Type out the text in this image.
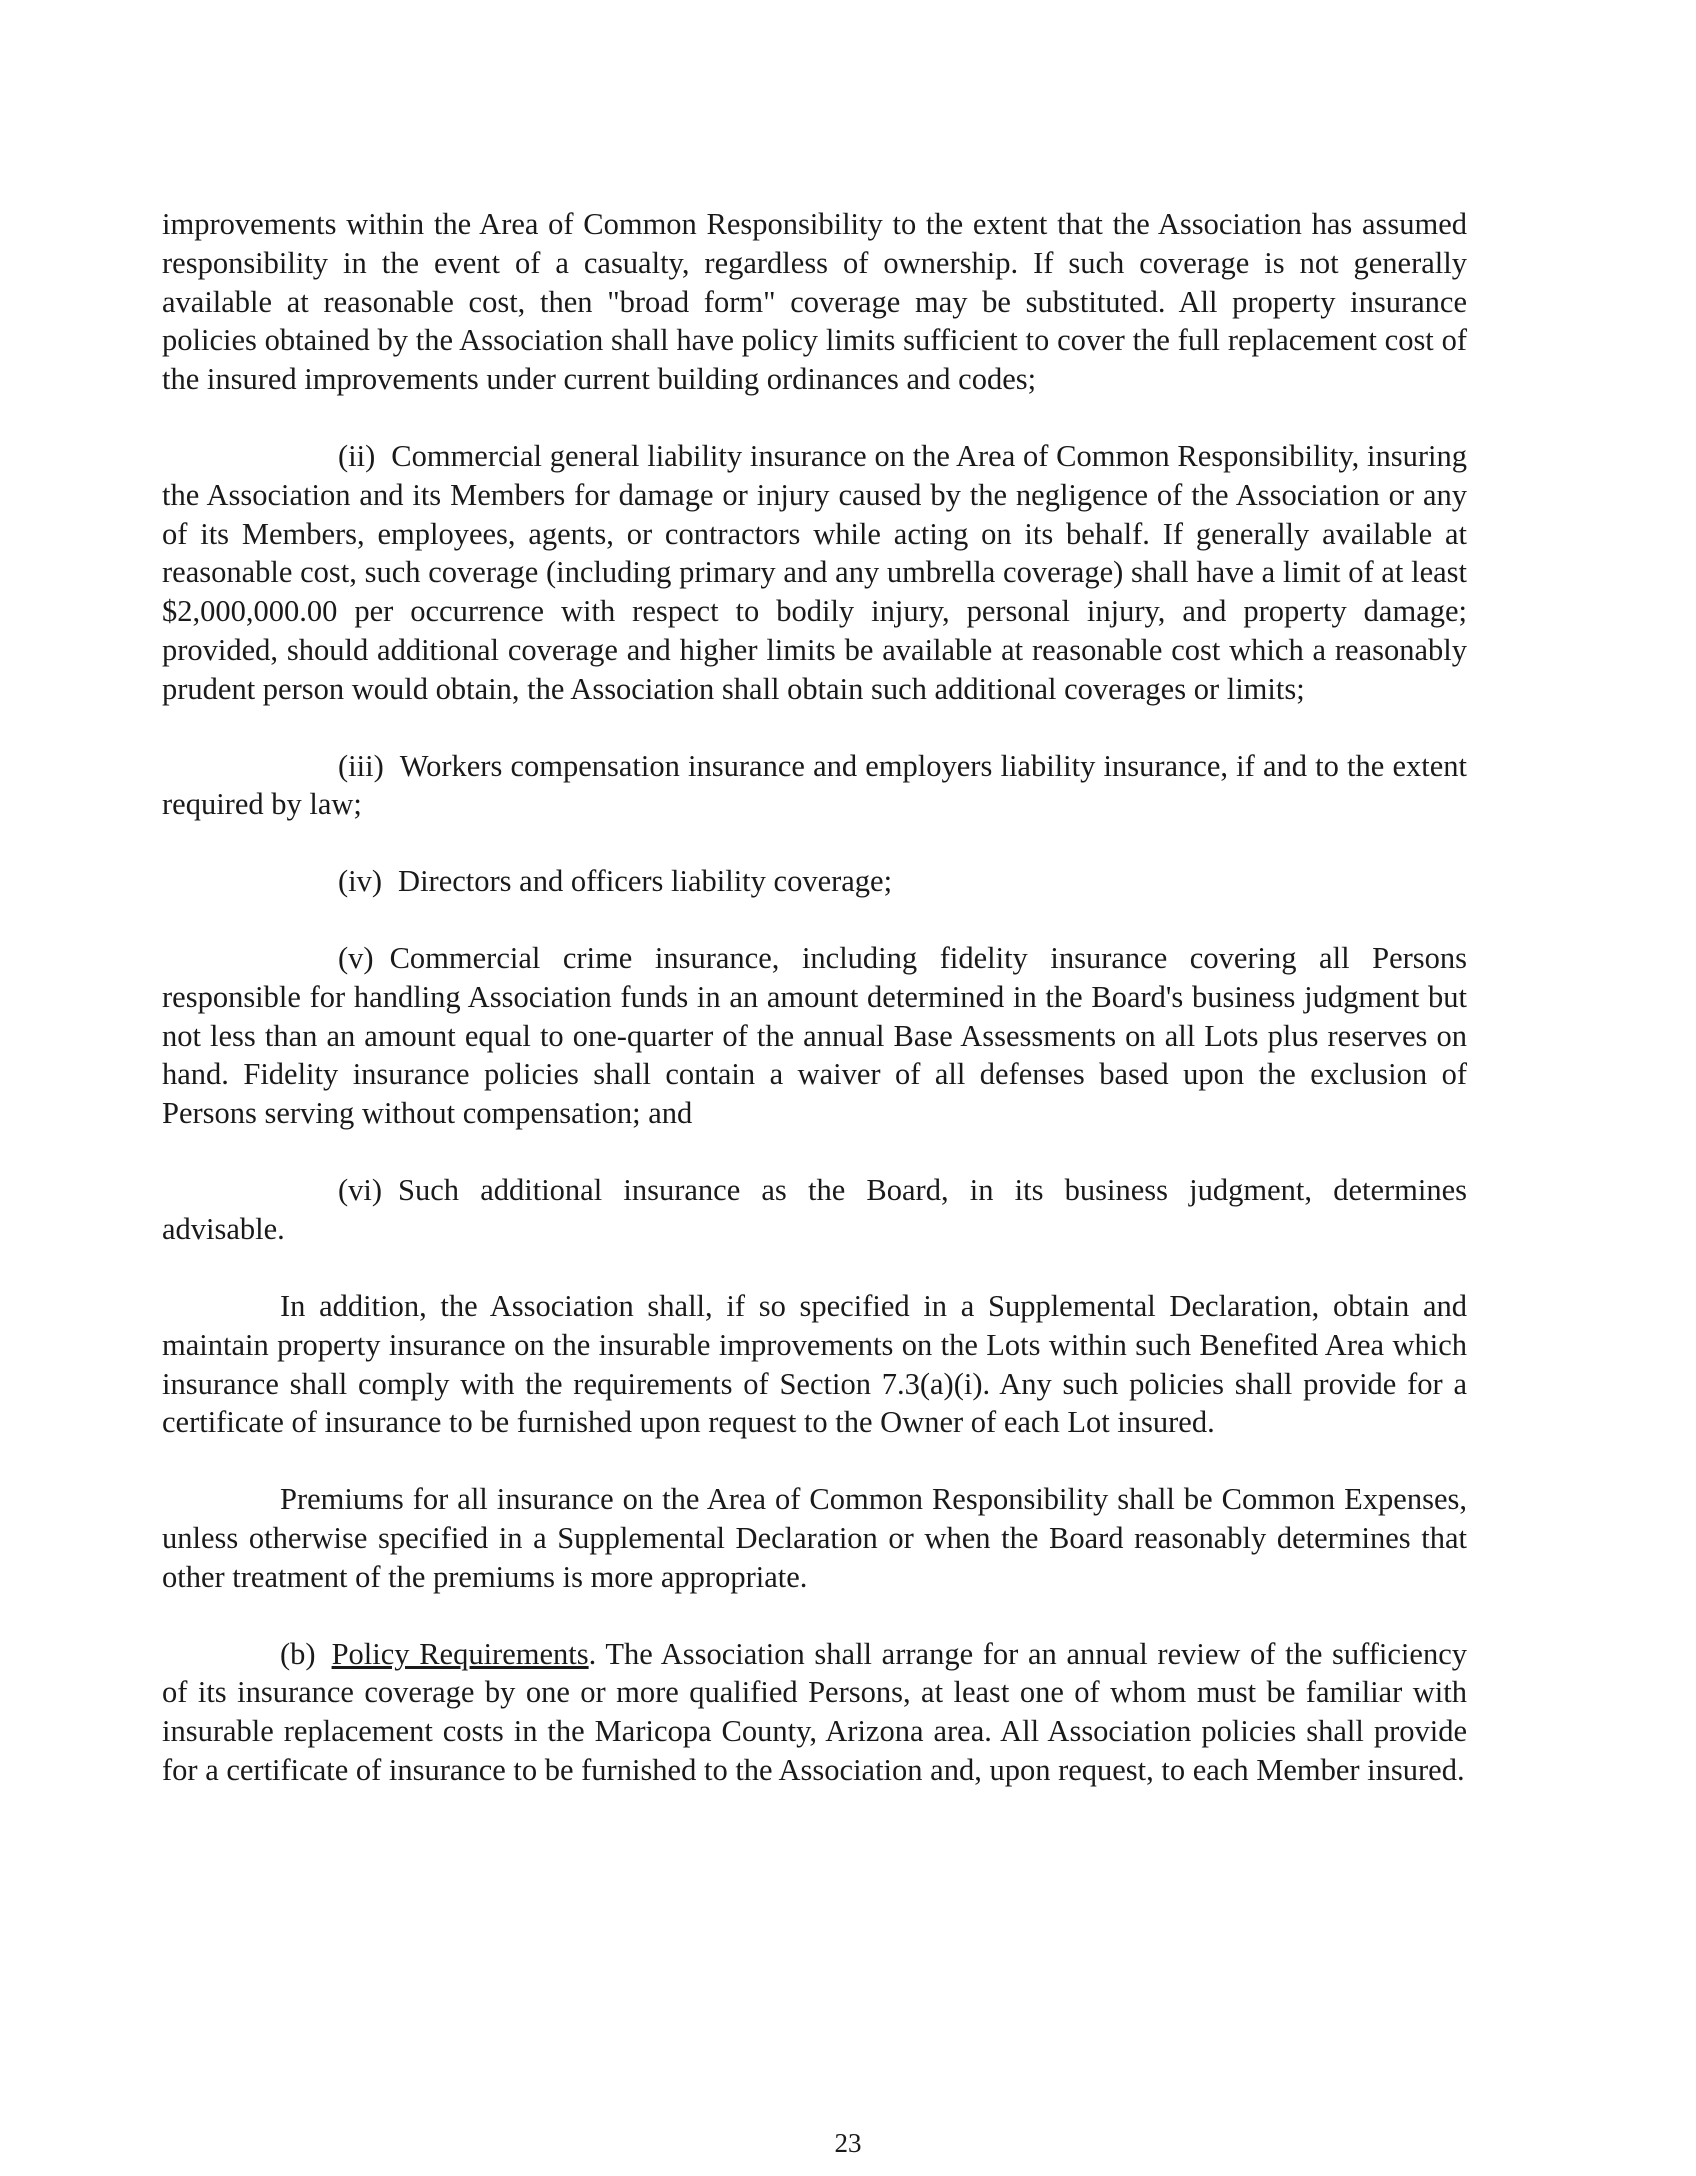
improvements within the Area of Common Responsibility to the extent that the Association has assumed responsibility in the event of a casualty, regardless of ownership. If such coverage is not generally available at reasonable cost, then "broad form" coverage may be substituted. All property insurance policies obtained by the Association shall have policy limits sufficient to cover the full replacement cost of the insured improvements under current building ordinances and codes;

(ii) Commercial general liability insurance on the Area of Common Responsibility, insuring the Association and its Members for damage or injury caused by the negligence of the Association or any of its Members, employees, agents, or contractors while acting on its behalf. If generally available at reasonable cost, such coverage (including primary and any umbrella coverage) shall have a limit of at least $2,000,000.00 per occurrence with respect to bodily injury, personal injury, and property damage; provided, should additional coverage and higher limits be available at reasonable cost which a reasonably prudent person would obtain, the Association shall obtain such additional coverages or limits;

(iii) Workers compensation insurance and employers liability insurance, if and to the extent required by law;

(iv) Directors and officers liability coverage;

(v) Commercial crime insurance, including fidelity insurance covering all Persons responsible for handling Association funds in an amount determined in the Board's business judgment but not less than an amount equal to one-quarter of the annual Base Assessments on all Lots plus reserves on hand. Fidelity insurance policies shall contain a waiver of all defenses based upon the exclusion of Persons serving without compensation; and

(vi) Such additional insurance as the Board, in its business judgment, determines
advisable.

In addition, the Association shall, if so specified in a Supplemental Declaration, obtain and maintain property insurance on the insurable improvements on the Lots within such Benefited Area which insurance shall comply with the requirements of Section 7.3(a)(i). Any such policies shall provide for a certificate of insurance to be furnished upon request to the Owner of each Lot insured.

Premiums for all insurance on the Area of Common Responsibility shall be Common Expenses, unless otherwise specified in a Supplemental Declaration or when the Board reasonably determines that other treatment of the premiums is more appropriate.

(b) Policy Requirements. The Association shall arrange for an annual review of the sufficiency of its insurance coverage by one or more qualified Persons, at least one of whom must be familiar with insurable replacement costs in the Maricopa County, Arizona area. All Association policies shall provide for a certificate of insurance to be furnished to the Association and, upon request, to each Member insured.

23
